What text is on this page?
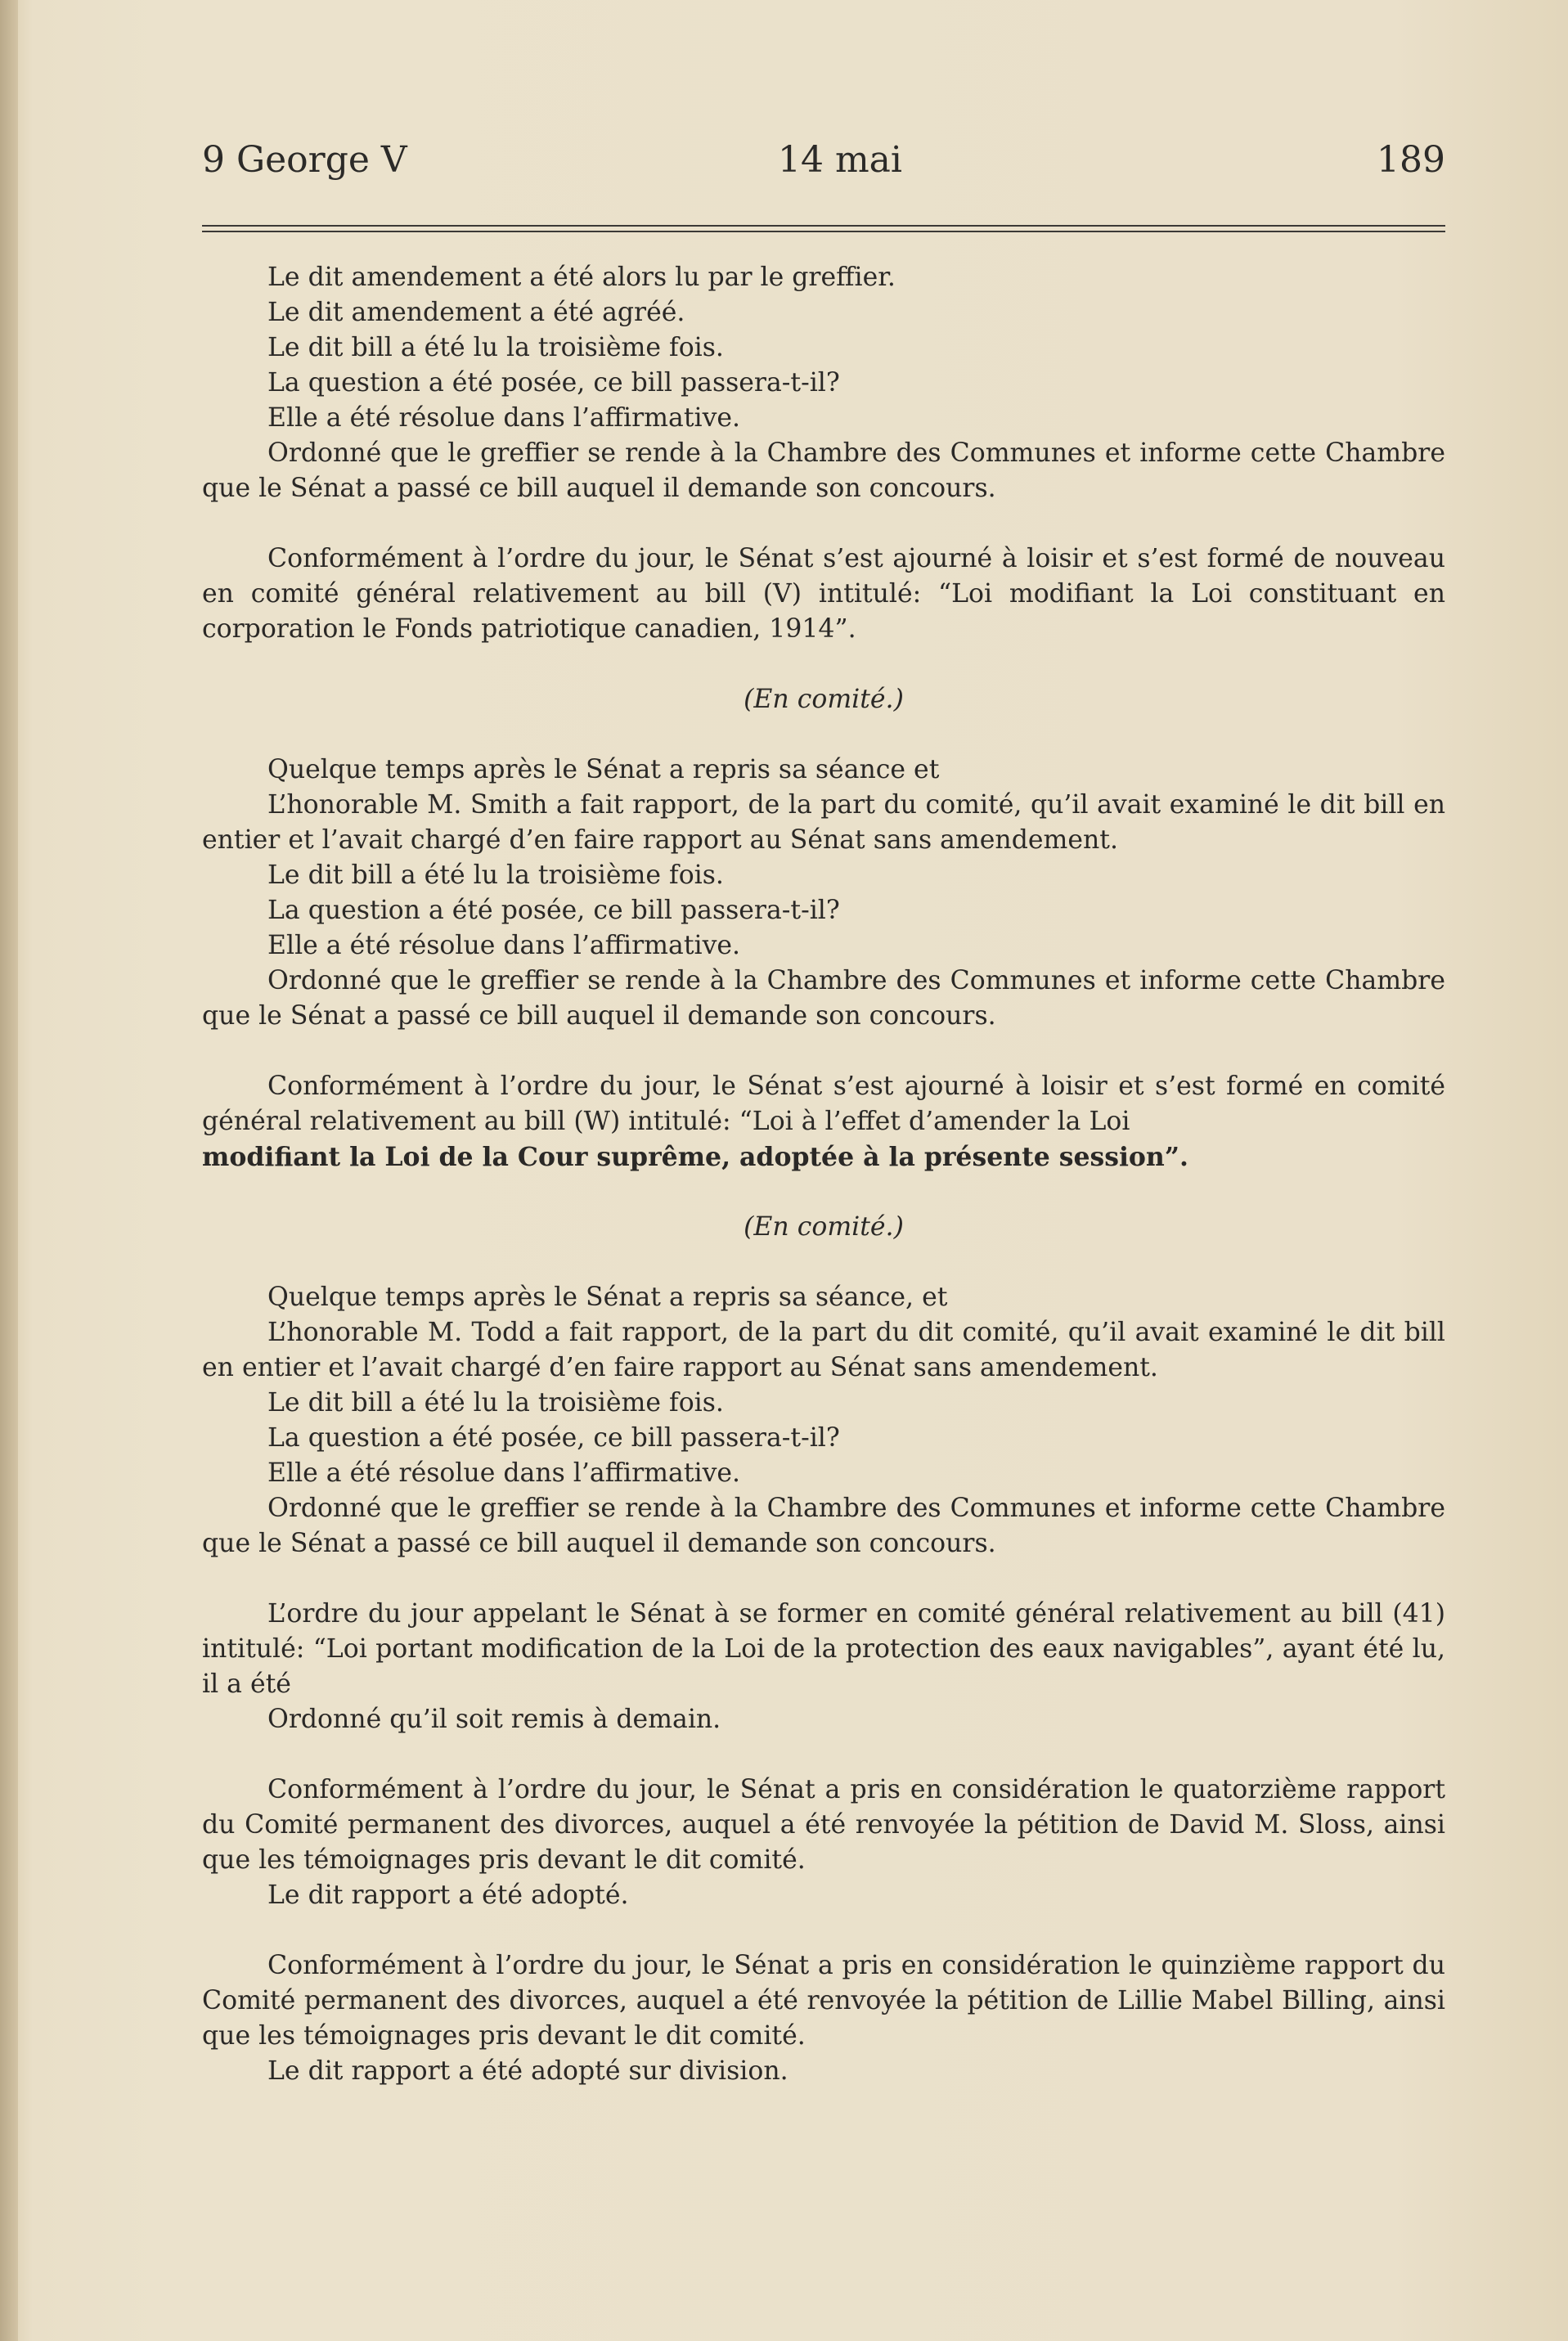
9 George V	14 mai	189

Le dit amendement a été alors lu par le greffier.

Le dit amendement a été agréé.

Le dit bill a été lu la troisième fois.

La question a été posée, ce bill passera-t-il?

Elle a été résolue dans l’affirmative.

Ordonné que le greffier se rende à la Chambre des Communes et informe cette Chambre que le Sénat a passé ce bill auquel il demande son concours.

Conformément à l’ordre du jour, le Sénat s’est ajourné à loisir et s’est formé de nouveau en comité général relativement au bill (V) intitulé: “Loi modifiant la Loi constituant en corporation le Fonds patriotique canadien, 1914”.

(En comité.)

Quelque temps après le Sénat a repris sa séance et

L’honorable M. Smith a fait rapport, de la part du comité, qu’il avait examiné le dit bill en entier et l’avait chargé d’en faire rapport au Sénat sans amendement.

Le dit bill a été lu la troisième fois.

La question a été posée, ce bill passera-t-il?

Elle a été résolue dans l’affirmative.

Ordonné que le greffier se rende à la Chambre des Communes et informe cette Chambre que le Sénat a passé ce bill auquel il demande son concours.

Conformément à l’ordre du jour, le Sénat s’est ajourné à loisir et s’est formé en comité général relativement au bill (W) intitulé: “Loi à l’effet d’amender la Loi

modifiant la Loi de la Cour suprême, adoptée à la présente session”.

(En comité.)

Quelque temps après le Sénat a repris sa séance, et

L’honorable M. Todd a fait rapport, de la part du dit comité, qu’il avait examiné le dit bill en entier et l’avait chargé d’en faire rapport au Sénat sans amendement.

Le dit bill a été lu la troisième fois.

La question a été posée, ce bill passera-t-il?

Elle a été résolue dans l’affirmative.

Ordonné que le greffier se rende à la Chambre des Communes et informe cette Chambre que le Sénat a passé ce bill auquel il demande son concours.

L’ordre du jour appelant le Sénat à se former en comité général relativement au bill (41) intitulé: “Loi portant modification de la Loi de la protection des eaux navigables”, ayant été lu, il a été

Ordonné qu’il soit remis à demain.

Conformément à l’ordre du jour, le Sénat a pris en considération le quatorzième rapport du Comité permanent des divorces, auquel a été renvoyée la pétition de David M. Sloss, ainsi que les témoignages pris devant le dit comité.

Le dit rapport a été adopté.

Conformément à l’ordre du jour, le Sénat a pris en considération le quinzième rapport du Comité permanent des divorces, auquel a été renvoyée la pétition de Lillie Mabel Billing, ainsi que les témoignages pris devant le dit comité.

Le dit rapport a été adopté sur division.
